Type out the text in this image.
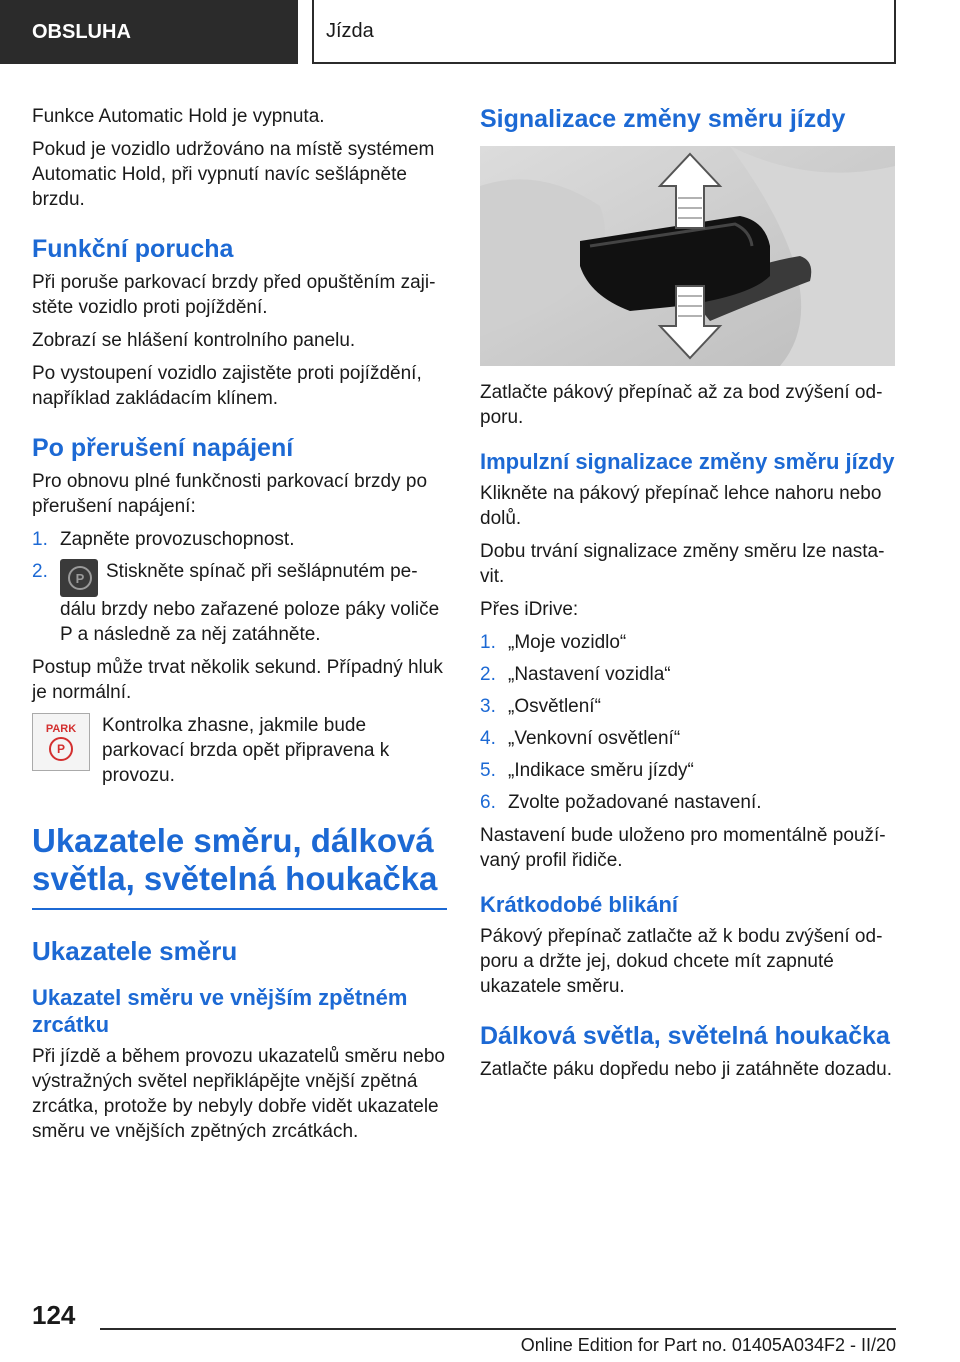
OBSLUHA	Jízda

Funkce Automatic Hold je vypnuta.

Pokud je vozidlo udržováno na místě systémem Automatic Hold, při vypnutí navíc sešlápněte brzdu.

Funkční porucha

Při poruše parkovací brzdy před opuštěním zajistěte vozidlo proti pojíždění.

Zobrazí se hlášení kontrolního panelu.

Po vystoupení vozidlo zajistěte proti pojíždění, například zakládacím klínem.

Po přerušení napájení

Pro obnovu plné funkčnosti parkovací brzdy po přerušení napájení:

1. Zapněte provozuschopnost.
2.	P	Stiskněte spínač při sešlápnutém pedálu brzdy nebo zařazené poloze páky voliče P a následně za něj zatáhněte.

Postup může trvat několik sekund. Případný hluk je normální.

PARK
P

Kontrolka zhasne, jakmile bude parkovací brzda opět připravena k provozu.

Ukazatele směru, dálková světla, světelná houkačka
Ukazatele směru
Ukazatel směru ve vnějším zpětném zrcátku

Při jízdě a během provozu ukazatelů směru nebo výstražných světel nepřiklápějte vnější zpětná zrcátka, protože by nebyly dobře vidět ukazatele směru ve vnějších zpětných zrcátkách.

Signalizace změny směru jízdy

Zatlačte pákový přepínač až za bod zvýšení odporu.

Impulzní signalizace změny směru jízdy

Klikněte na pákový přepínač lehce nahoru nebo dolů.

Dobu trvání signalizace změny směru lze nastavit.

Přes iDrive:

1. „Moje vozidlo“
2. „Nastavení vozidla“
3. „Osvětlení“
4. „Venkovní osvětlení“
5. „Indikace směru jízdy“
6. Zvolte požadované nastavení.

Nastavení bude uloženo pro momentálně používaný profil řidiče.

Krátkodobé blikání

Pákový přepínač zatlačte až k bodu zvýšení odporu a držte jej, dokud chcete mít zapnuté ukazatele směru.

Dálková světla, světelná houkačka

Zatlačte páku dopředu nebo ji zatáhněte dozadu.

124
Online Edition for Part no. 01405A034F2 - II/20
